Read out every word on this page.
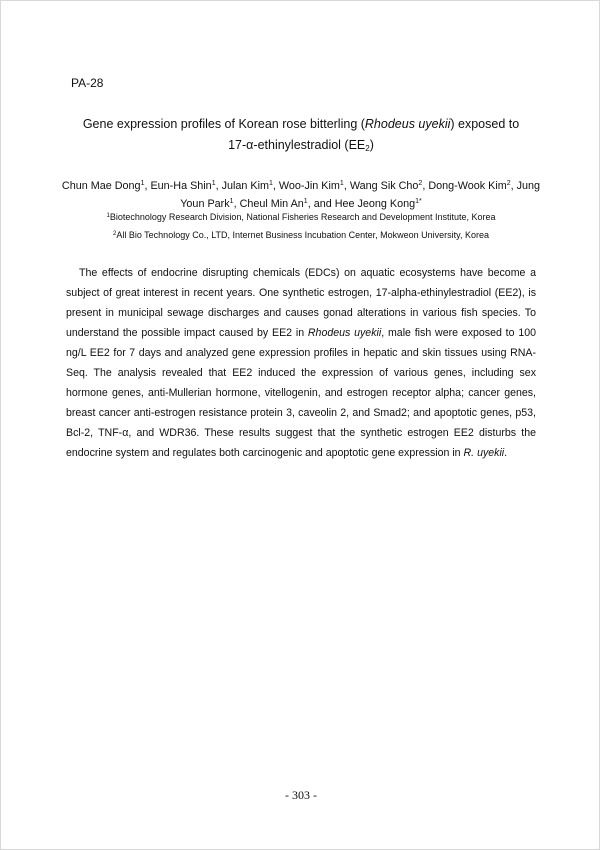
PA-28
Gene expression profiles of Korean rose bitterling (Rhodeus uyekii) exposed to
17-α-ethinylestradiol $(EE_2)$
Chun Mae Dong$^1$, Eun-Ha Shin$^1$, Julan Kim$^1$, Woo-Jin Kim$^1$, Wang Sik Cho$^2$, Dong-Wook Kim$^2$, Jung Youn Park$^1$, Cheul Min An$^1$, and Hee Jeong Kong$^{1*}$
$^1$Biotechnology Research Division, National Fisheries Research and Development Institute, Korea
$^2$All Bio Technology Co., LTD, Internet Business Incubation Center, Mokweon University, Korea
The effects of endocrine disrupting chemicals (EDCs) on aquatic ecosystems have become a subject of great interest in recent years. One synthetic estrogen, 17-alpha-ethinylestradiol (EE2), is present in municipal sewage discharges and causes gonad alterations in various fish species. To understand the possible impact caused by EE2 in Rhodeus uyekii, male fish were exposed to 100 ng/L EE2 for 7 days and analyzed gene expression profiles in hepatic and skin tissues using RNA-Seq. The analysis revealed that EE2 induced the expression of various genes, including sex hormone genes, anti-Mullerian hormone, vitellogenin, and estrogen receptor alpha; cancer genes, breast cancer anti-estrogen resistance protein 3, caveolin 2, and Smad2; and apoptotic genes, p53, Bcl-2, TNF-α, and WDR36. These results suggest that the synthetic estrogen EE2 disturbs the endocrine system and regulates both carcinogenic and apoptotic gene expression in R. uyekii.
- 303 -
